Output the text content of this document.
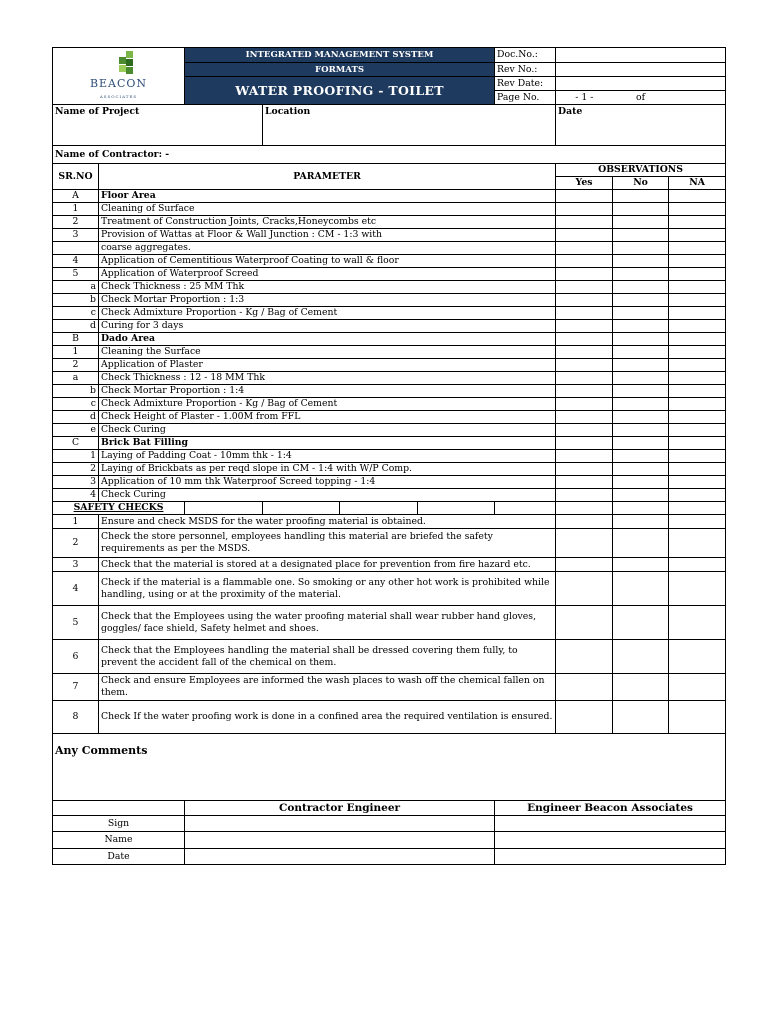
BEACON
ASSOCIATES		INTEGRATED MANAGEMENT SYSTEM				Doc.No.:			
		FORMATS				Rev No.:			
		WATER PROOFING - TOILET				Rev Date:			
						Page No.	- 1 -	of	
Name of Project			Location				Date		
Name of Contractor: -									
SR.NO	PARAMETER						OBSERVATIONS		
							Yes	No	NA
A	Floor Area								
1	Cleaning of Surface								
2	Treatment of Construction Joints, Cracks,Honeycombs etc								
3	Provision of Wattas at Floor & Wall Junction : CM - 1:3 with								
	coarse aggregates.								
4	Application of Cementitious Waterproof Coating to wall & floor								
5	Application of Waterproof Screed								
a	Check Thickness : 25 MM Thk								
b	Check Mortar Proportion : 1:3								
c	Check Admixture Proportion - Kg / Bag of Cement								
d	Curing for 3 days								
B	Dado Area								
1	Cleaning the Surface								
2	Application of Plaster								
a	Check Thickness : 12 - 18 MM Thk								
b	Check Mortar Proportion : 1:4								
c	Check Admixture Proportion - Kg / Bag of Cement								
d	Check Height of Plaster - 1.00M from FFL								
e	Check Curing								
C	Brick Bat Filling								
1	Laying of Padding Coat - 10mm thk - 1:4								
2	Laying of Brickbats as per reqd slope in CM - 1:4 with W/P Comp.								
3	Application of 10 mm thk Waterproof Screed topping - 1:4								
4	Check Curing								
SAFETY CHECKS									
1	Ensure and check MSDS for the water proofing material is obtained.								
2	Check the store personnel, employees handling this material are briefed the safety requirements as per the MSDS.								
3	Check that the material is stored at a designated place for prevention from fire hazard etc.								
4	Check if the material is a flammable one. So smoking or any other hot work is prohibited while handling, using or at the proximity of the material.								
5	Check that the Employees using the water proofing material shall wear rubber hand gloves, goggles/ face shield, Safety helmet and shoes.								
6	Check that the Employees handling the material shall be dressed covering them fully, to prevent the accident fall of the chemical on them.								
7	Check and ensure Employees are informed the wash places to wash off the chemical fallen on them.								
8	Check If the water proofing work is done in a confined area the required ventilation is ensured.								
Any Comments									
		Contractor Engineer				Engineer Beacon Associates			
Sign									
Name									
Date									
